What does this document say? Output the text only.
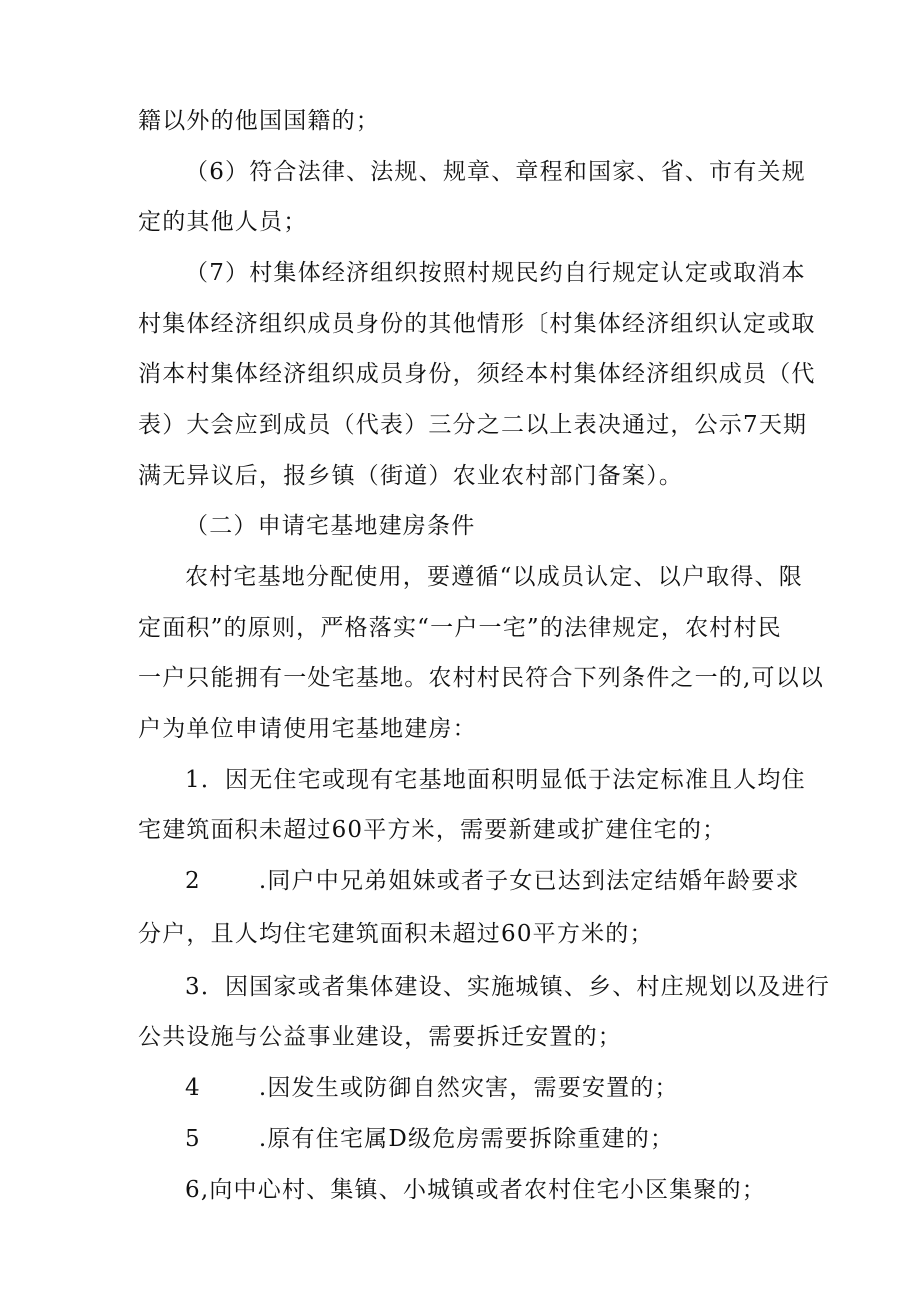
籍以外的他国国籍的；
（6）符合法律、法规、规章、章程和国家、省、市有关规
定的其他人员；
（7）村集体经济组织按照村规民约自行规定认定或取消本
村集体经济组织成员身份的其他情形〔村集体经济组织认定或取
消本村集体经济组织成员身份，须经本村集体经济组织成员（代
表）大会应到成员（代表）三分之二以上表决通过，公示7天期
满无异议后，报乡镇（街道）农业农村部门备案）。
（二）申请宅基地建房条件
农村宅基地分配使用，要遵循“以成员认定、以户取得、限
定面积”的原则，严格落实“一户一宅”的法律规定，农村村民
一户只能拥有一处宅基地。农村村民符合下列条件之一的,可以以
户为单位申请使用宅基地建房：
1．因无住宅或现有宅基地面积明显低于法定标准且人均住
宅建筑面积未超过60平方米，需要新建或扩建住宅的；
2	.同户中兄弟姐妹或者子女已达到法定结婚年龄要求
分户，且人均住宅建筑面积未超过60平方米的；
3．因国家或者集体建设、实施城镇、乡、村庄规划以及进行
公共设施与公益事业建设，需要拆迁安置的；
4	.因发生或防御自然灾害，需要安置的；
5	.原有住宅属D级危房需要拆除重建的；
6,向中心村、集镇、小城镇或者农村住宅小区集聚的；
